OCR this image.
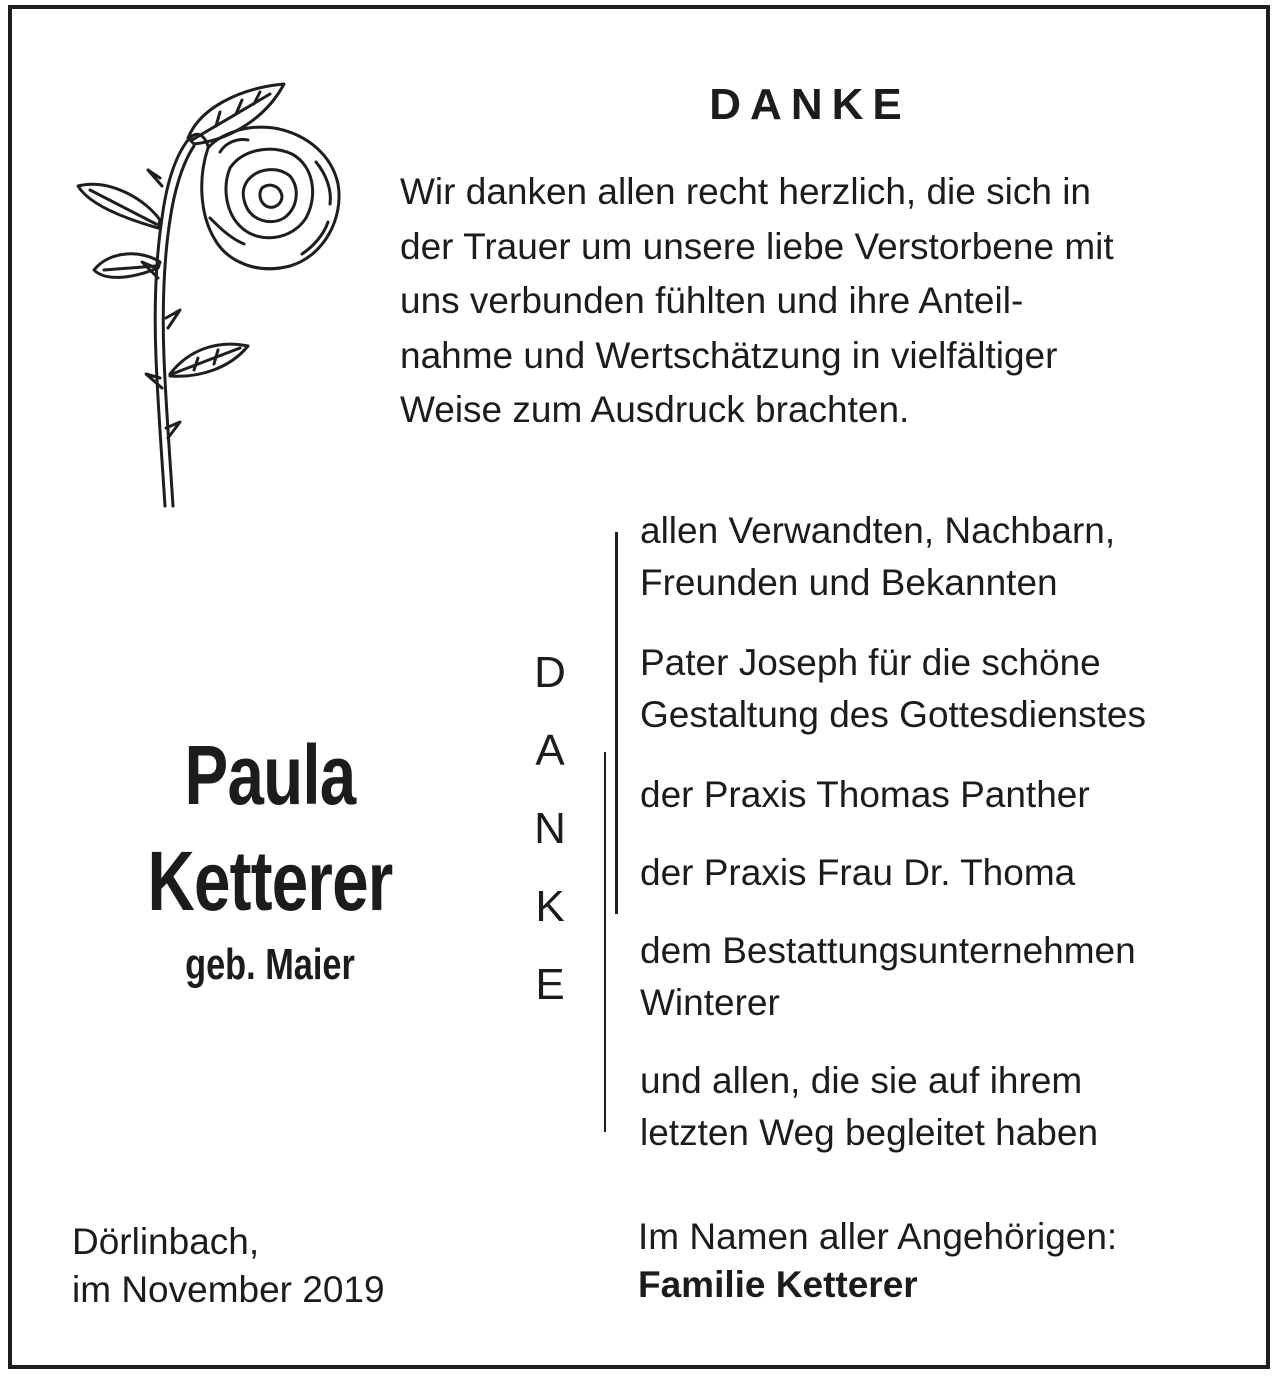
DANKE
Wir danken allen recht herzlich, die sich in
der Trauer um unsere liebe Verstorbene mit
uns verbunden fühlten und ihre Anteil-
nahme und Wertschätzung in vielfältiger
Weise zum Ausdruck brachten.
Paula
Ketterer
geb. Maier
D
A
N
K
E
allen Verwandten, Nachbarn,
Freunden und Bekannten
Pater Joseph für die schöne
Gestaltung des Gottesdienstes
der Praxis Thomas Panther
der Praxis Frau Dr. Thoma
dem Bestattungsunternehmen
Winterer
und allen, die sie auf ihrem
letzten Weg begleitet haben
Dörlinbach,
im November 2019
Im Namen aller Angehörigen:
Familie Ketterer
